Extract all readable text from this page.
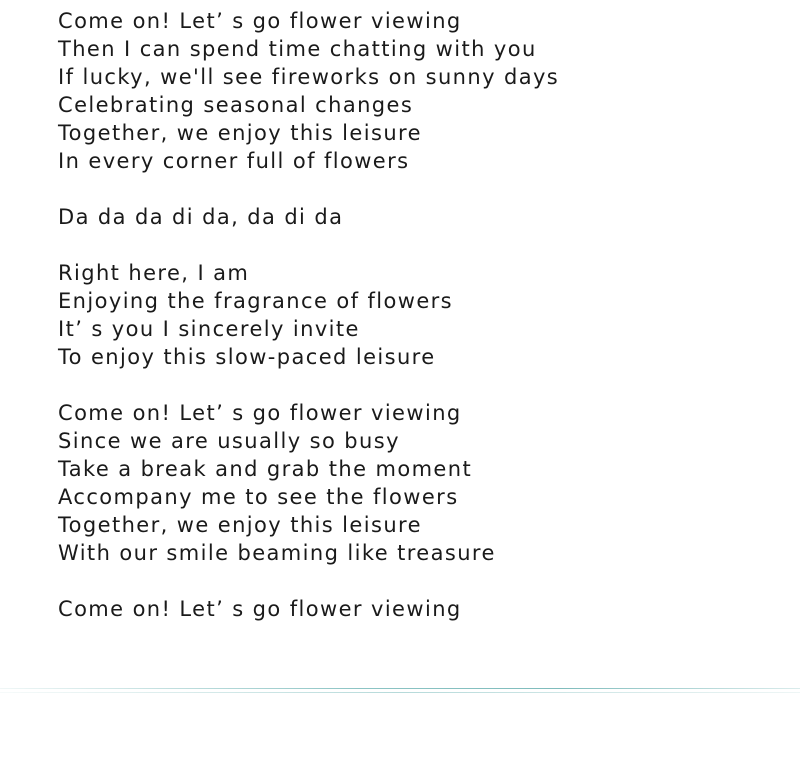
Come on! Let’ s go flower viewing
Then I can spend time chatting with you
If lucky, we'll see fireworks on sunny days
Celebrating seasonal changes
Together, we enjoy this leisure
In every corner full of flowers
Da da da di da, da di da
Right here, I am
Enjoying the fragrance of flowers
It’ s you I sincerely invite
To enjoy this slow-paced leisure
Come on! Let’ s go flower viewing
Since we are usually so busy
Take a break and grab the moment
Accompany me to see the flowers
Together, we enjoy this leisure
With our smile beaming like treasure
Come on! Let’ s go flower viewing
